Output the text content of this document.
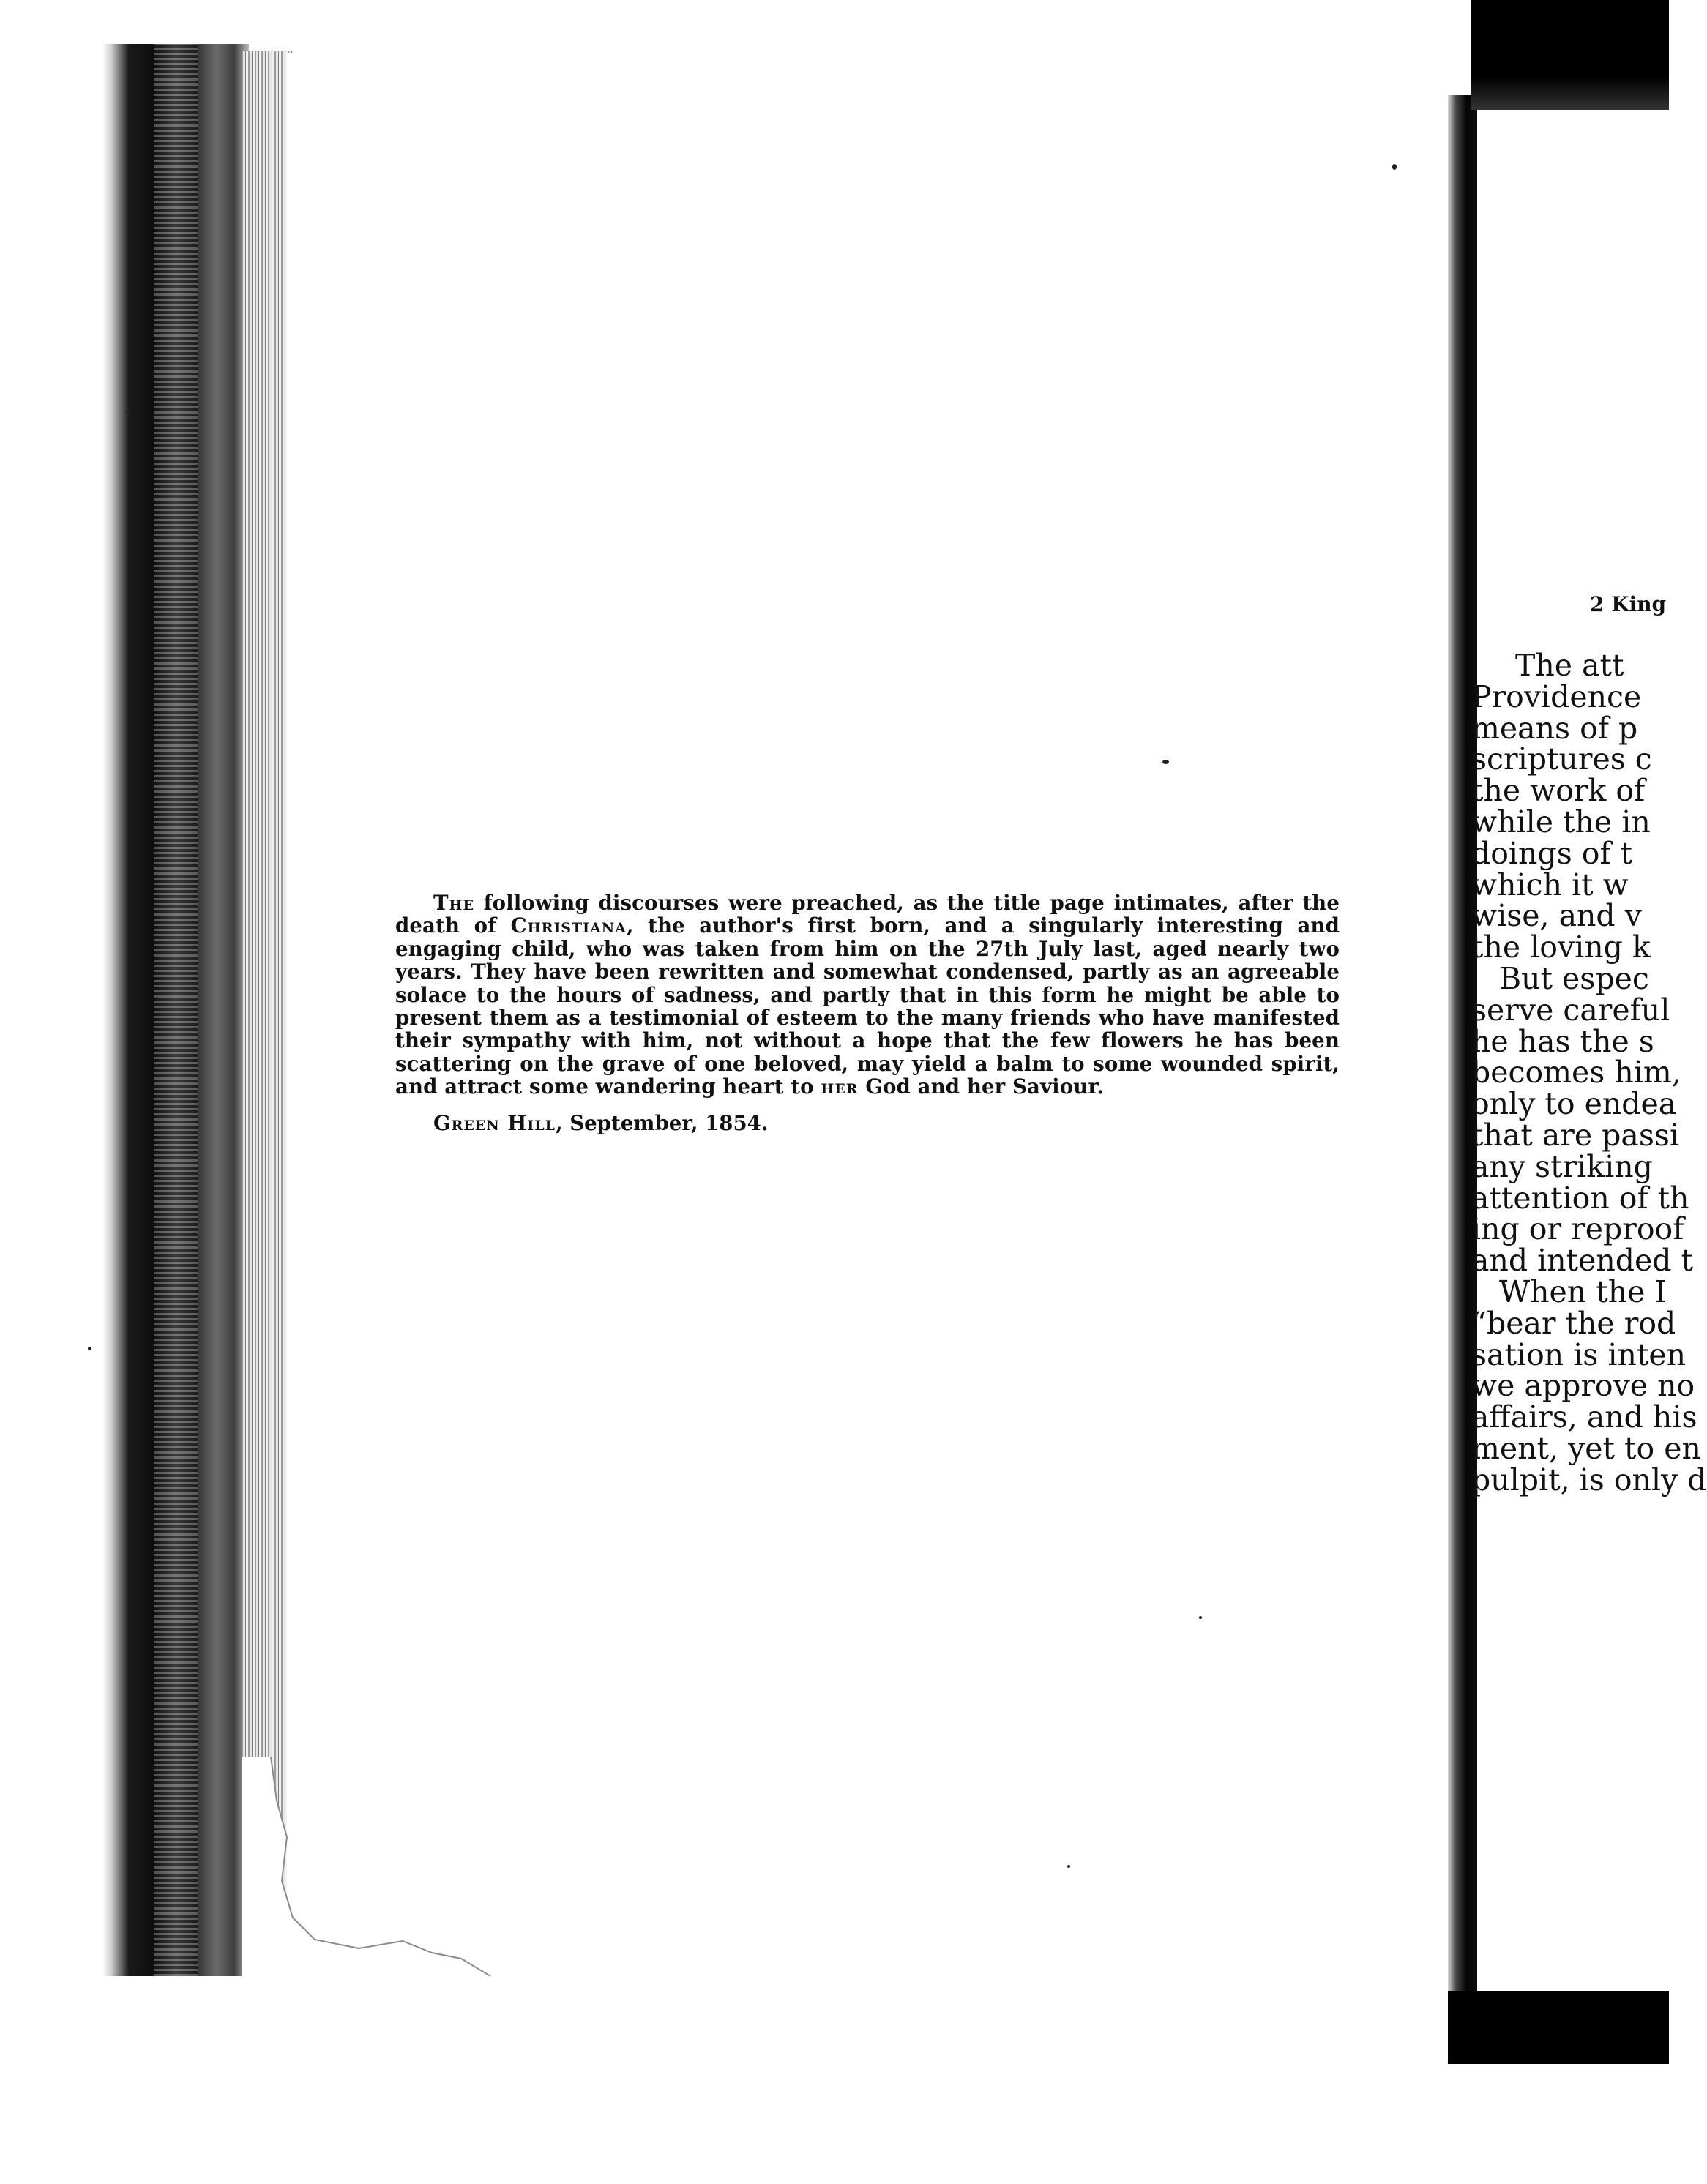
The following discourses were preached, as the title page intimates, after the death of Christiana, the author's first born, and a singularly interesting and engaging child, who was taken from him on the 27th July last, aged nearly two years. They have been rewritten and somewhat condensed, partly as an agreeable solace to the hours of sadness, and partly that in this form he might be able to present them as a testimonial of esteem to the many friends who have manifested their sympathy with him, not without a hope that the few flowers he has been scattering on the grave of one beloved, may yield a balm to some wounded spirit, and attract some wandering heart to her God and her Saviour.

Green Hill, September, 1854.
2 King
The att
Providence
means of p
scriptures c
the work of
while the in
doings of t
which it w
wise, and v
the loving k
But espec
serve careful
he has the s
becomes him,
only to endea
that are passi
any striking
attention of th
ing or reproof
and intended t
When the I
“bear the rod
sation is inten
we approve no
affairs, and his
ment, yet to en
pulpit, is only d
